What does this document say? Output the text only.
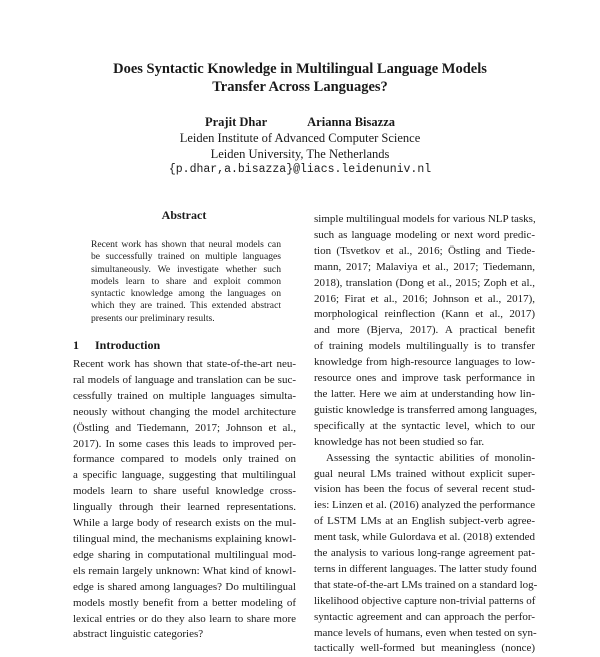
Does Syntactic Knowledge in Multilingual Language Models
Transfer Across Languages?
Prajit Dhar	Arianna Bisazza
Leiden Institute of Advanced Computer Science
Leiden University, The Netherlands
{p.dhar,a.bisazza}@liacs.leidenuniv.nl
Abstract
Recent work has shown that neural models can
be successfully trained on multiple languages
simultaneously. We investigate whether such
models learn to share and exploit common
syntactic knowledge among the languages on
which they are trained. This extended abstract
presents our preliminary results.
1 Introduction
Recent work has shown that state-of-the-art neu-
ral models of language and translation can be suc-
cessfully trained on multiple languages simulta-
neously without changing the model architecture
(Östling and Tiedemann, 2017; Johnson et al.,
2017). In some cases this leads to improved per-
formance compared to models only trained on
a specific language, suggesting that multilingual
models learn to share useful knowledge cross-
lingually through their learned representations.
While a large body of research exists on the mul-
tilingual mind, the mechanisms explaining knowl-
edge sharing in computational multilingual mod-
els remain largely unknown: What kind of knowl-
edge is shared among languages? Do multilingual
models mostly benefit from a better modeling of
lexical entries or do they also learn to share more
abstract linguistic categories?
simple multilingual models for various NLP tasks,
such as language modeling or next word predic-
tion (Tsvetkov et al., 2016; Östling and Tiede-
mann, 2017; Malaviya et al., 2017; Tiedemann,
2018), translation (Dong et al., 2015; Zoph et al.,
2016; Firat et al., 2016; Johnson et al., 2017),
morphological reinflection (Kann et al., 2017)
and more (Bjerva, 2017). A practical benefit
of training models multilingually is to transfer
knowledge from high-resource languages to low-
resource ones and improve task performance in
the latter. Here we aim at understanding how lin-
guistic knowledge is transferred among languages,
specifically at the syntactic level, which to our
knowledge has not been studied so far.
Assessing the syntactic abilities of monolin-
gual neural LMs trained without explicit super-
vision has been the focus of several recent stud-
ies: Linzen et al. (2016) analyzed the performance
of LSTM LMs at an English subject-verb agree-
ment task, while Gulordava et al. (2018) extended
the analysis to various long-range agreement pat-
terns in different languages. The latter study found
that state-of-the-art LMs trained on a standard log-
likelihood objective capture non-trivial patterns of
syntactic agreement and can approach the perfor-
mance levels of humans, even when tested on syn-
tactically well-formed but meaningless (nonce)
